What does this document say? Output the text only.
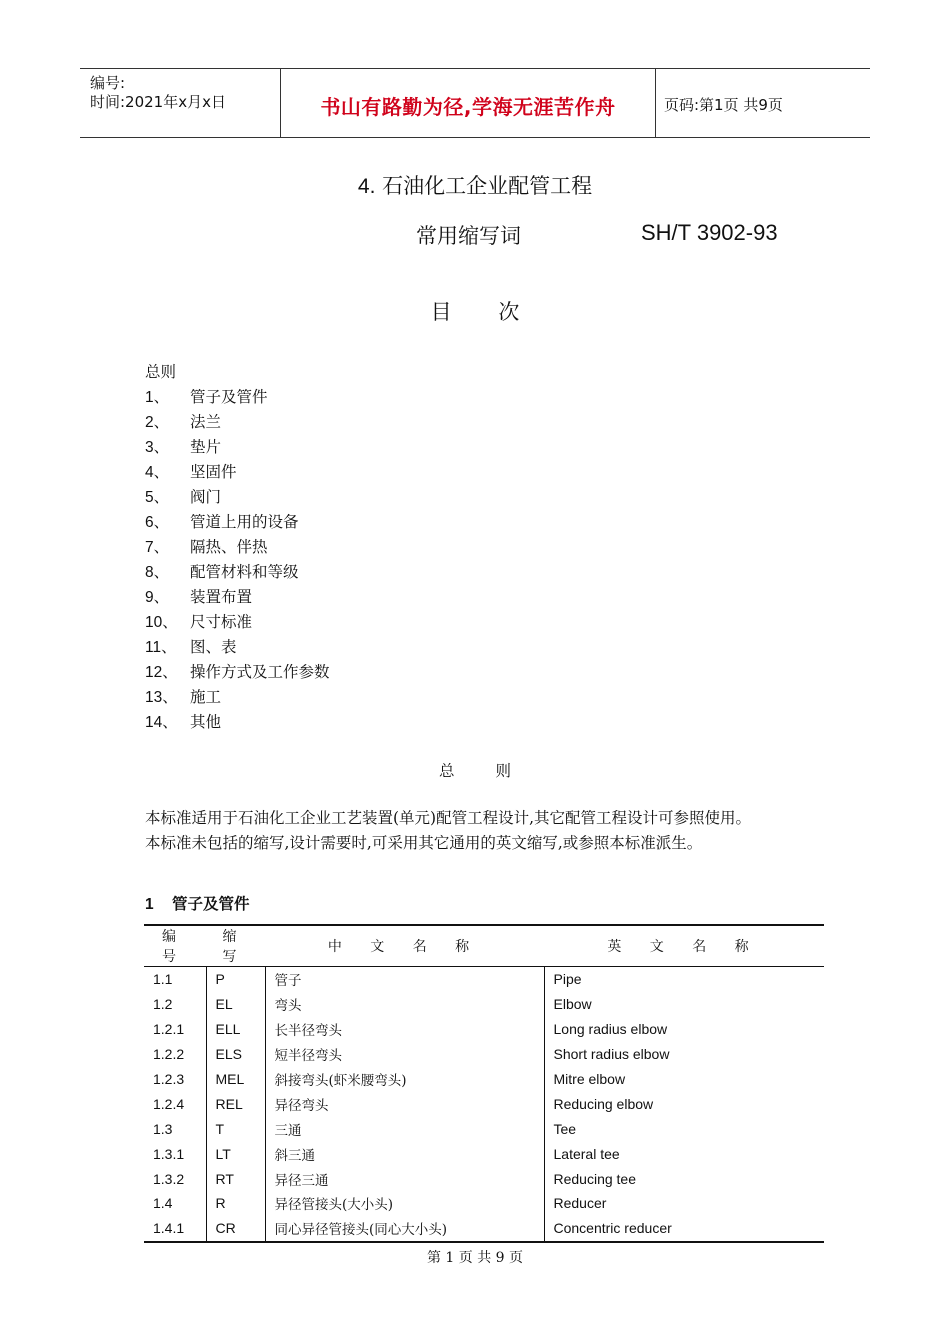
编号:
时间:2021年x月x日	书山有路勤为径,学海无涯苦作舟	页码:第1页 共9页
4. 石油化工企业配管工程
常用缩写词	SH/T 3902-93
目 次
总则
1、 管子及管件
2、 法兰
3、 垫片
4、 坚固件
5、 阀门
6、 管道上用的设备
7、 隔热、伴热
8、 配管材料和等级
9、 装置布置
10、 尺寸标准
11、 图、表
12、 操作方式及工作参数
13、 施工
14、 其他
总 则

本标准适用于石油化工企业工艺装置(单元)配管工程设计,其它配管工程设计可参照使用。

本标准未包括的缩写,设计需要时,可采用其它通用的英文缩写,或参照本标准派生。

1 管子及管件
编 号	缩 写	中 文 名 称	英 文 名 称
1.1	P	管子	Pipe
1.2	EL	弯头	Elbow
1.2.1	ELL	长半径弯头	Long radius elbow
1.2.2	ELS	短半径弯头	Short radius elbow
1.2.3	MEL	斜接弯头(虾米腰弯头)	Mitre elbow
1.2.4	REL	异径弯头	Reducing elbow
1.3	T	三通	Tee
1.3.1	LT	斜三通	Lateral tee
1.3.2	RT	异径三通	Reducing tee
1.4	R	异径管接头(大小头)	Reducer
1.4.1	CR	同心异径管接头(同心大小头)	Concentric reducer
第 1 页 共 9 页
